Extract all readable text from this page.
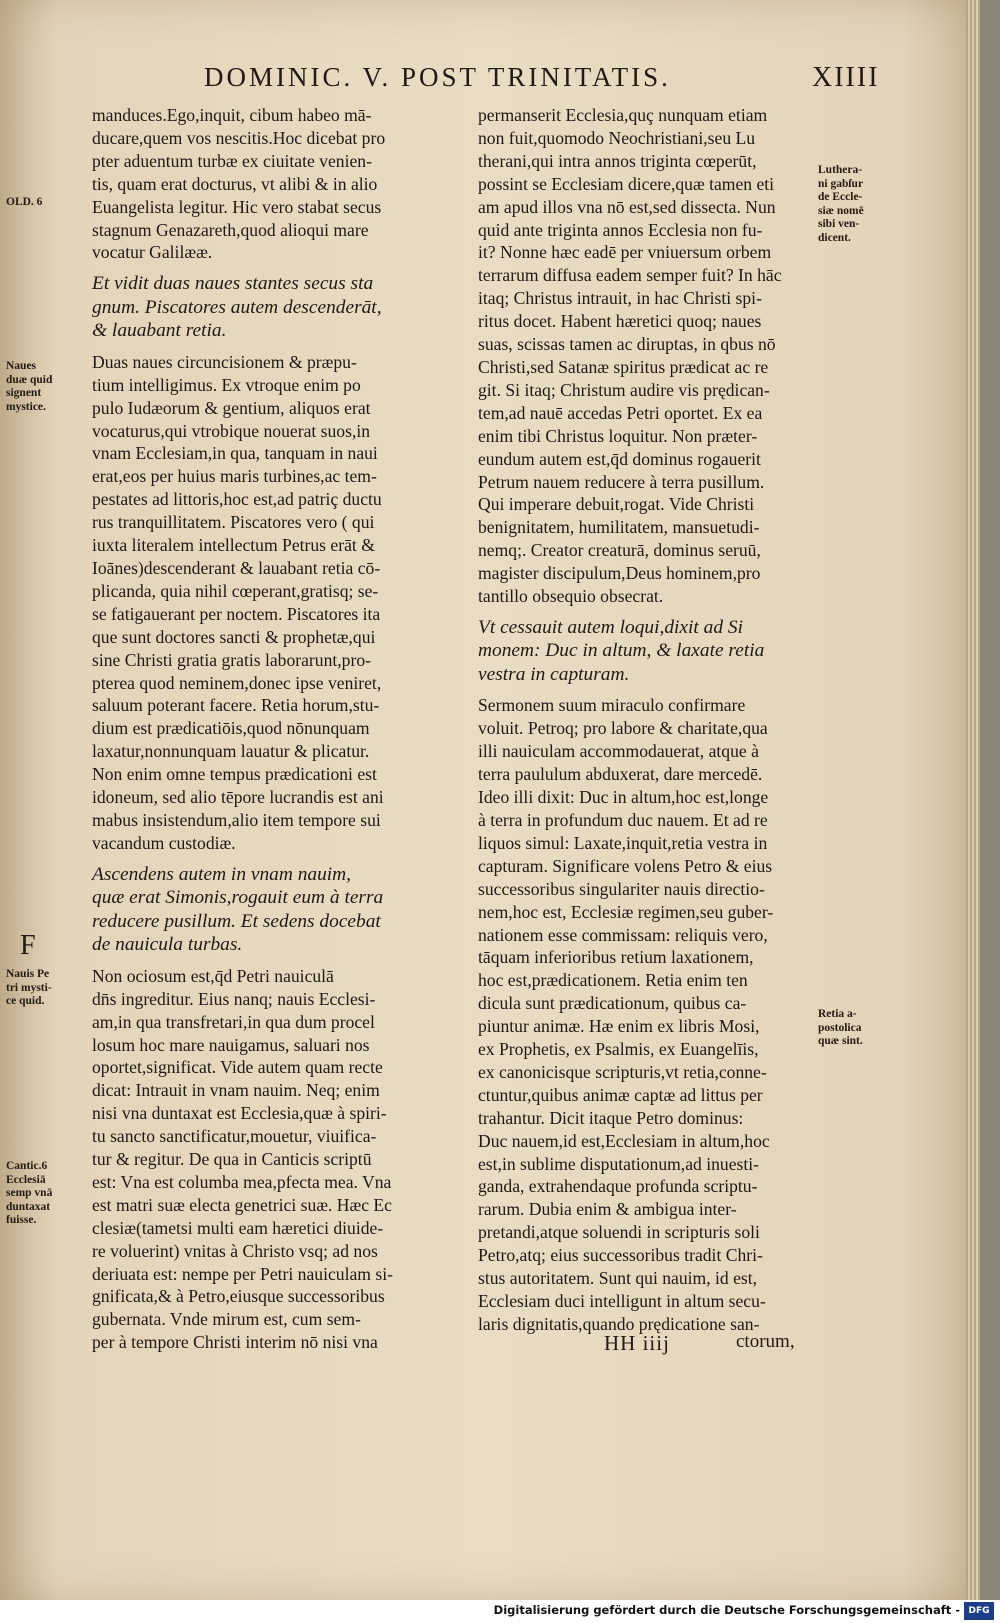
DOMINIC. V. POST TRINITATIS.	XIIII

manduces.Ego,inquit, cibum habeo mā-
ducare,quem vos nescitis.Hoc dicebat pro
pter aduentum turbæ ex ciuitate venien-
tis, quam erat docturus, vt alibi & in alio
Euangelista legitur. Hic vero stabat secus
stagnum Genazareth,quod alioqui mare
vocatur Galilææ.

Et vidit duas naues stantes secus sta
gnum. Piscatores autem descenderāt,
& lauabant retia.

Duas naues circuncisionem & præpu-
tium intelligimus. Ex vtroque enim po
pulo Iudæorum & gentium, aliquos erat
vocaturus,qui vtrobique nouerat suos,in
vnam Ecclesiam,in qua, tanquam in naui
erat,eos per huius maris turbines,ac tem-
pestates ad littoris,hoc est,ad patriç ductu
rus tranquillitatem. Piscatores vero ( qui
iuxta literalem intellectum Petrus erāt &
Ioānes)descenderant & lauabant retia cō-
plicanda, quia nihil cœperant,gratisq; se-
se fatigauerant per noctem. Piscatores ita
que sunt doctores sancti & prophetæ,qui
sine Christi gratia gratis laborarunt,pro-
pterea quod neminem,donec ipse veniret,
saluum poterant facere. Retia horum,stu-
dium est prædicatiōis,quod nōnunquam
laxatur,nonnunquam lauatur & plicatur.
Non enim omne tempus prædicationi est
idoneum, sed alio tēpore lucrandis est ani
mabus insistendum,alio item tempore sui
vacandum custodiæ.

Ascendens autem in vnam nauim,
quæ erat Simonis,rogauit eum à terra
reducere pusillum. Et sedens docebat
de nauicula turbas.

Non ociosum est,q̄d Petri nauiculā
dn̄s ingreditur. Eius nanq; nauis Ecclesi-
am,in qua transfretari,in qua dum procel
losum hoc mare nauigamus, saluari nos
oportet,significat. Vide autem quam recte
dicat: Intrauit in vnam nauim. Neq; enim
nisi vna duntaxat est Ecclesia,quæ à spiri-
tu sancto sanctificatur,mouetur, viuifica-
tur & regitur. De qua in Canticis scriptū
est: Vna est columba mea,pfecta mea. Vna
est matri suæ electa genetrici suæ. Hæc Ec
clesiæ(tametsi multi eam hæretici diuide-
re voluerint) vnitas à Christo vsq; ad nos
deriuata est: nempe per Petri nauiculam si-
gnificata,& à Petro,eiusque successoribus
gubernata. Vnde mirum est, cum sem-
per à tempore Christi interim nō nisi vna

permanserit Ecclesia,quç nunquam etiam
non fuit,quomodo Neochristiani,seu Lu
therani,qui intra annos triginta cœperūt,
possint se Ecclesiam dicere,quæ tamen eti
am apud illos vna nō est,sed dissecta. Nun
quid ante triginta annos Ecclesia non fu-
it? Nonne hæc eadē per vniuersum orbem
terrarum diffusa eadem semper fuit? In hāc
itaq; Christus intrauit, in hac Christi spi-
ritus docet. Habent hæretici quoq; naues
suas, scissas tamen ac diruptas, in qbus nō
Christi,sed Satanæ spiritus prædicat ac re
git. Si itaq; Christum audire vis prędican-
tem,ad nauē accedas Petri oportet. Ex ea
enim tibi Christus loquitur. Non præter-
eundum autem est,q̄d dominus rogauerit
Petrum nauem reducere à terra pusillum.
Qui imperare debuit,rogat. Vide Christi
benignitatem, humilitatem, mansuetudi-
nemq;. Creator creaturā, dominus seruū,
magister discipulum,Deus hominem,pro
tantillo obsequio obsecrat.

Vt cessauit autem loqui,dixit ad Si
monem: Duc in altum, & laxate retia
vestra in capturam.

Sermonem suum miraculo confirmare
voluit. Petroq; pro labore & charitate,qua
illi nauiculam accommodauerat, atque à
terra paululum abduxerat, dare mercedē.
Ideo illi dixit: Duc in altum,hoc est,longe
à terra in profundum duc nauem. Et ad re
liquos simul: Laxate,inquit,retia vestra in
capturam. Significare volens Petro & eius
successoribus singulariter nauis directio-
nem,hoc est, Ecclesiæ regimen,seu guber-
nationem esse commissam: reliquis vero,
tāquam inferioribus retium laxationem,
hoc est,prædicationem. Retia enim ten
dicula sunt prædicationum, quibus ca-
piuntur animæ. Hæ enim ex libris Mosi,
ex Prophetis, ex Psalmis, ex Euangelīis,
ex canonicisque scripturis,vt retia,conne-
ctuntur,quibus animæ captæ ad littus per
trahantur. Dicit itaque Petro dominus:
Duc nauem,id est,Ecclesiam in altum,hoc
est,in sublime disputationum,ad inuesti-
ganda, extrahendaque profunda scriptu-
rarum. Dubia enim & ambigua inter-
pretandi,atque soluendi in scripturis soli
Petro,atq; eius successoribus tradit Chri-
stus autoritatem. Sunt qui nauim, id est,
Ecclesiam duci intelligunt in altum secu-
laris dignitatis,quando prędicatione san-

OLD. 6
Naues
duæ quid
signent
mystice.
F
Nauis Pe
tri mysti-
ce quid.
Cantic.6
Ecclesiā
semp vnā
duntaxat
fuisse.
Luthera-
ni gabſur
de Eccle-
siæ nomē
sibi ven-
dicent.
Retia a-
postolica
quæ sint.
HH iiij	ctorum,
Digitalisierung gefördert durch die Deutsche Forschungsgemeinschaft - DFG
